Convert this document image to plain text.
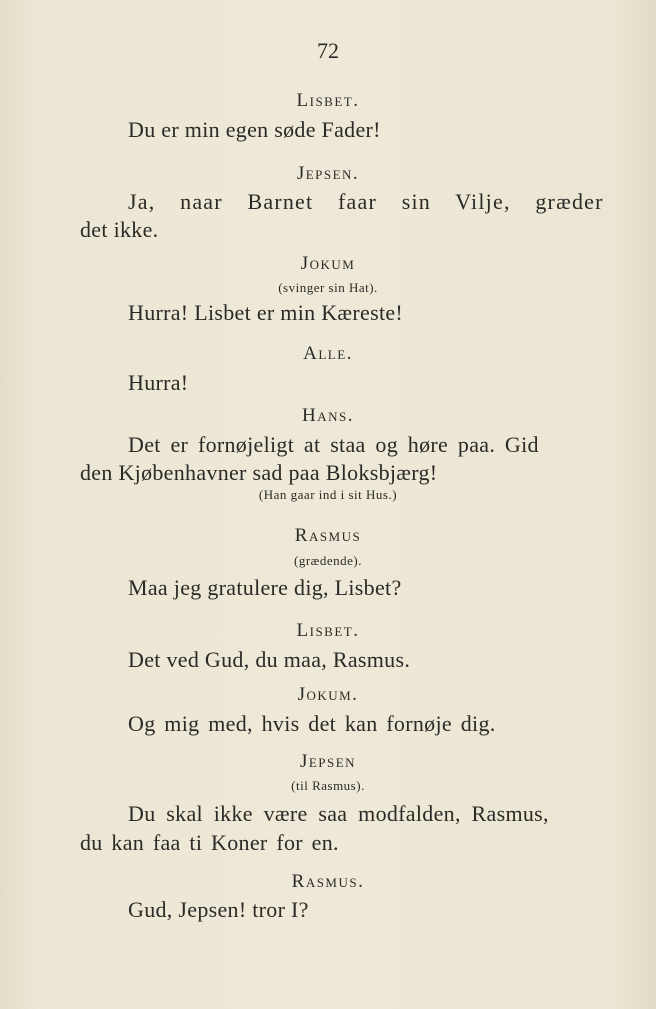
72
Lisbet.
Du er min egen søde Fader!
Jepsen.
Ja, naar Barnet faar sin Vilje, græder
det ikke.
Jokum
(svinger sin Hat).
Hurra! Lisbet er min Kæreste!
Alle.
Hurra!
Hans.
Det er fornøjeligt at staa og høre paa. Gid
den Kjøbenhavner sad paa Bloksbjærg!
(Han gaar ind i sit Hus.)
Rasmus
(grædende).
Maa jeg gratulere dig, Lisbet?
Lisbet.
Det ved Gud, du maa, Rasmus.
Jokum.
Og mig med, hvis det kan fornøje dig.
Jepsen
(til Rasmus).
Du skal ikke være saa modfalden, Rasmus,
du kan faa ti Koner for en.
Rasmus.
Gud, Jepsen! tror I?
